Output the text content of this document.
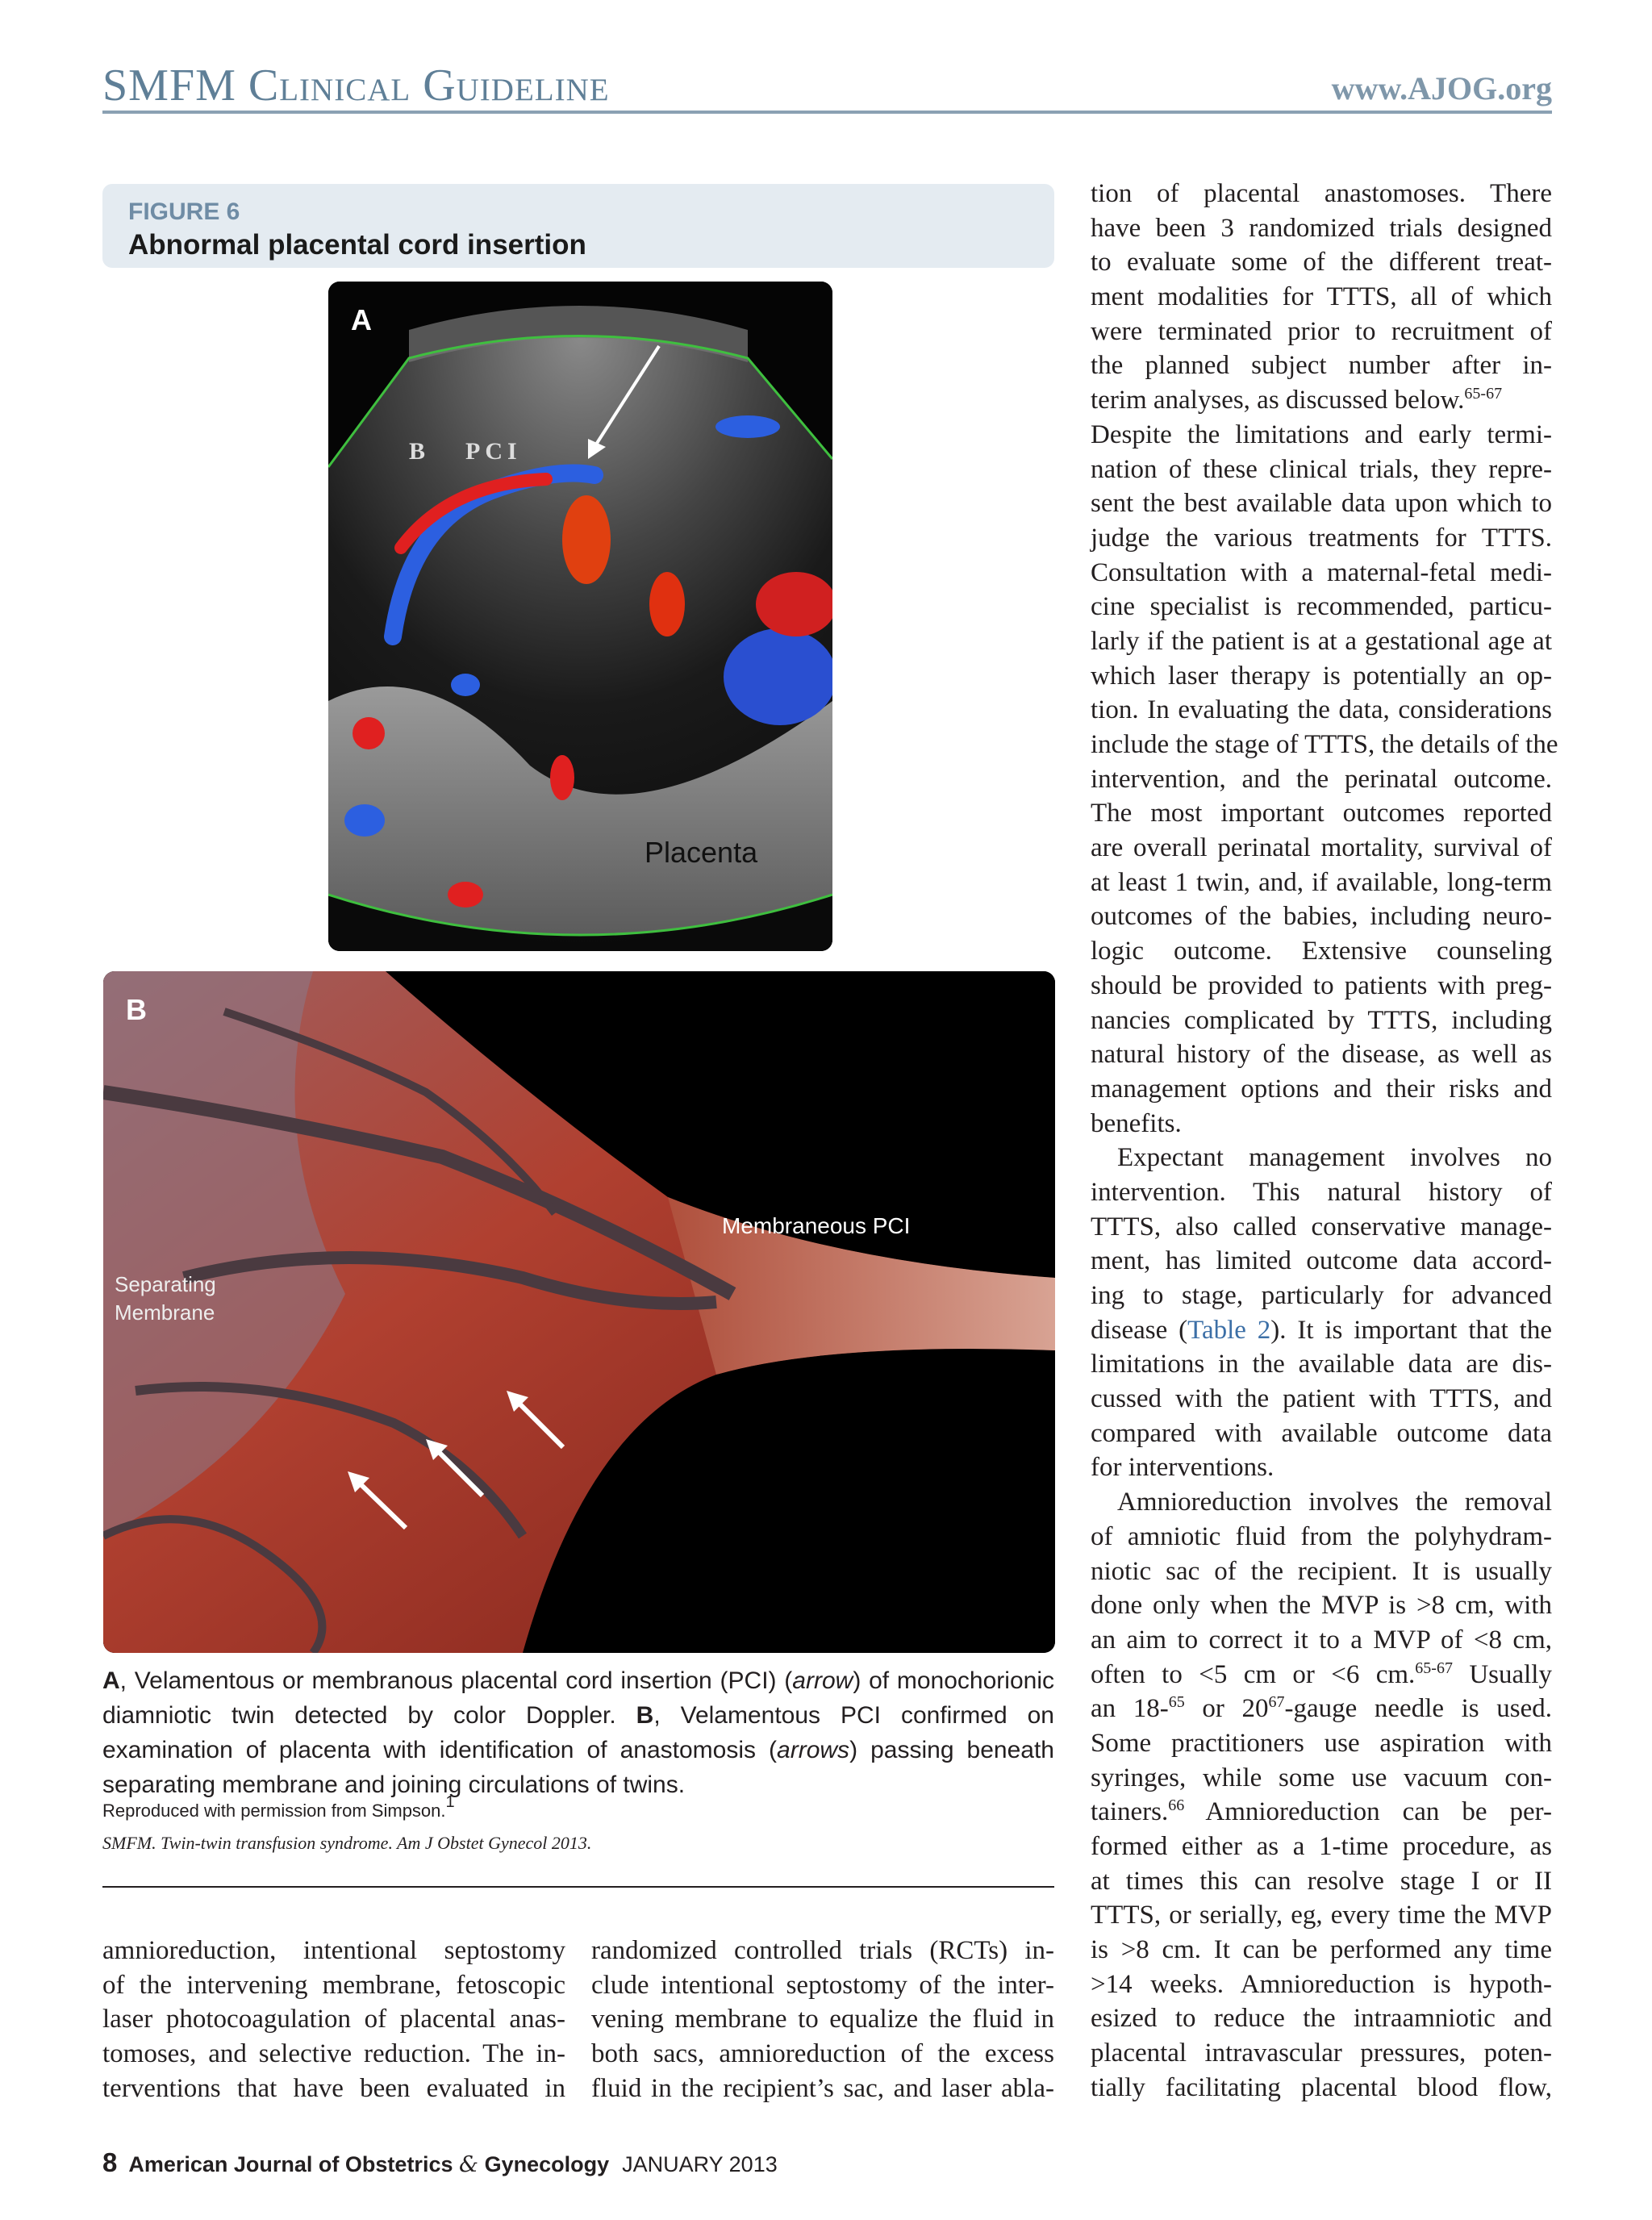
SMFM Clinical Guideline	www.AJOG.org
FIGURE 6
Abnormal placental cord insertion
A
B PCI
Placenta
B
Membraneous PCI
Separating
Membrane
A, Velamentous or membranous placental cord insertion (PCI) (arrow) of monochorionic diamniotic twin detected by color Doppler. B, Velamentous PCI confirmed on examination of placenta with identification of anastomosis (arrows) passing beneath separating membrane and joining circulations of twins.
Reproduced with permission from Simpson.$^1$
SMFM. Twin-twin transfusion syndrome. Am J Obstet Gynecol 2013.
amnioreduction, intentional septostomy
of the intervening membrane, fetoscopic
laser photocoagulation of placental anas-
tomoses, and selective reduction. The in-
terventions that have been evaluated in
randomized controlled trials (RCTs) in-
clude intentional septostomy of the inter-
vening membrane to equalize the fluid in
both sacs, amnioreduction of the excess
fluid in the recipient’s sac, and laser abla-
tion of placental anastomoses. There
have been 3 randomized trials designed
to evaluate some of the different treat-
ment modalities for TTTS, all of which
were terminated prior to recruitment of
the planned subject number after in-
terim analyses, as discussed below.$^{65-67}$
Despite the limitations and early termi-
nation of these clinical trials, they repre-
sent the best available data upon which to
judge the various treatments for TTTS.
Consultation with a maternal-fetal medi-
cine specialist is recommended, particu-
larly if the patient is at a gestational age at
which laser therapy is potentially an op-
tion. In evaluating the data, considerations
include the stage of TTTS, the details of the
intervention, and the perinatal outcome.
The most important outcomes reported
are overall perinatal mortality, survival of
at least 1 twin, and, if available, long-term
outcomes of the babies, including neuro-
logic outcome. Extensive counseling
should be provided to patients with preg-
nancies complicated by TTTS, including
natural history of the disease, as well as
management options and their risks and
benefits.
Expectant management involves no
intervention. This natural history of
TTTS, also called conservative manage-
ment, has limited outcome data accord-
ing to stage, particularly for advanced
disease (Table 2). It is important that the
limitations in the available data are dis-
cussed with the patient with TTTS, and
compared with available outcome data
for interventions.
Amnioreduction involves the removal
of amniotic fluid from the polyhydram-
niotic sac of the recipient. It is usually
done only when the MVP is >8 cm, with
an aim to correct it to a MVP of <8 cm,
often to <5 cm or <6 cm.$^{65-67}$ Usually
an 18-$^{65}$ or 20$^{67}$-gauge needle is used.
Some practitioners use aspiration with
syringes, while some use vacuum con-
tainers.$^{66}$ Amnioreduction can be per-
formed either as a 1-time procedure, as
at times this can resolve stage I or II
TTTS, or serially, eg, every time the MVP
is >8 cm. It can be performed any time
>14 weeks. Amnioreduction is hypoth-
esized to reduce the intraamniotic and
placental intravascular pressures, poten-
tially facilitating placental blood flow,
8 American Journal of Obstetrics & Gynecology JANUARY 2013
